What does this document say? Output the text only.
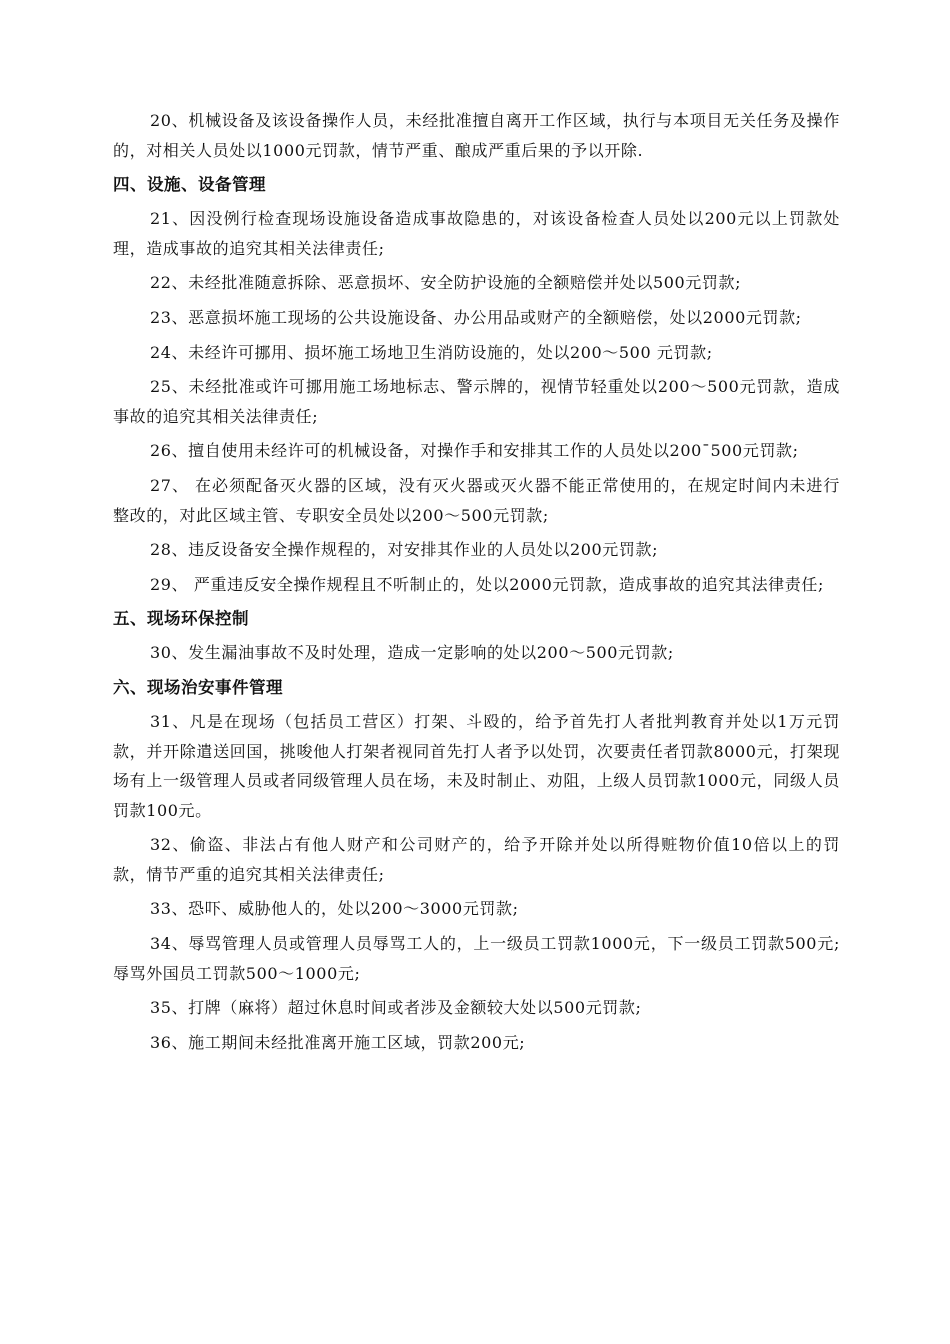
20、机械设备及该设备操作人员，未经批准擅自离开工作区域，执行与本项目无关任务及操作的，对相关人员处以1000元罚款，情节严重、酿成严重后果的予以开除.

四、设施、设备管理

21、因没例行检查现场设施设备造成事故隐患的，对该设备检查人员处以200元以上罚款处理，造成事故的追究其相关法律责任;

22、未经批准随意拆除、恶意损坏、安全防护设施的全额赔偿并处以500元罚款;

23、恶意损坏施工现场的公共设施设备、办公用品或财产的全额赔偿，处以2000元罚款;

24、未经许可挪用、损坏施工场地卫生消防设施的，处以200～500 元罚款;

25、未经批准或许可挪用施工场地标志、警示牌的，视情节轻重处以200～500元罚款，造成事故的追究其相关法律责任;

26、擅自使用未经许可的机械设备，对操作手和安排其工作的人员处以200¯500元罚款;

27、 在必须配备灭火器的区域，没有灭火器或灭火器不能正常使用的，在规定时间内未进行整改的，对此区域主管、专职安全员处以200～500元罚款;

28、违反设备安全操作规程的，对安排其作业的人员处以200元罚款;

29、 严重违反安全操作规程且不听制止的，处以2000元罚款，造成事故的追究其法律责任;

五、现场环保控制

30、发生漏油事故不及时处理，造成一定影响的处以200～500元罚款;

六、现场治安事件管理

31、凡是在现场（包括员工营区）打架、斗殴的，给予首先打人者批判教育并处以1万元罚款，并开除遣送回国，挑唆他人打架者视同首先打人者予以处罚，次要责任者罚款8000元，打架现场有上一级管理人员或者同级管理人员在场，未及时制止、劝阻，上级人员罚款1000元，同级人员罚款100元。

32、偷盗、非法占有他人财产和公司财产的，给予开除并处以所得赃物价值10倍以上的罚款，情节严重的追究其相关法律责任;

33、恐吓、威胁他人的，处以200～3000元罚款;

34、辱骂管理人员或管理人员辱骂工人的，上一级员工罚款1000元，下一级员工罚款500元; 辱骂外国员工罚款500～1000元;

35、打牌（麻将）超过休息时间或者涉及金额较大处以500元罚款;

36、施工期间未经批准离开施工区域，罚款200元;
